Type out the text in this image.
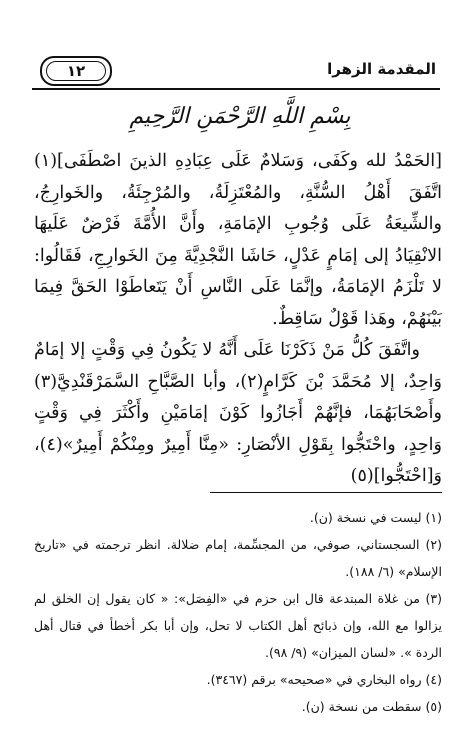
المقدمة الزهرا
١٢
بِسْمِ اللَّهِ الرَّحْمَنِ الرَّحِيمِ

[الحَمْدُ لله وكَفَى، وَسَلامٌ عَلَى عِبَادِهِ الذينَ اصْطَفَى](١) اتَّفَقَ أَهْلُ السُّنَّةِ، والمُعْتَزِلَةُ، والمُرْجِئَةُ، والخَوارِجُ، والشِّيعَةُ عَلَى وُجُوبِ الإمَامَةِ، وأَنَّ الأُمَّةَ فَرْضٌ عَلَيهَا الانْقِيَادُ إلى إمَامٍ عَدْلٍ، حَاشَا النَّجْدِيَّةَ مِنَ الخَوارِجِ، فَقَالُوا: لا تَلْزَمُ الإمَامَةُ، وإنَّمَا عَلَى النَّاسِ أَنْ يَتَعاطَوْا الحَقَّ فِيمَا بَيْنَهُمْ، وهَذا قَوْلٌ سَاقِطٌ.

واتَّفَقَ كُلُّ مَنْ ذَكَرْنَا عَلَى أَنَّهُ لا يَكُونُ فِي وَقْتٍ إلا إمَامٌ وَاحِدٌ، إلا مُحَمَّدَ بْنَ كَرَّامٍ(٢)، وأبا الصَّبَّاحِ السَّمَرْقَنْدِيَّ(٣) وأَصْحَابَهُمَا، فإنَّهُمْ أَجَازُوا كَوْنَ إمَامَيْنِ وأَكْثَرَ فِي وَقْتٍ وَاحِدٍ، واحْتَجُّوا بِقَوْلِ الأنْصَارِ: «مِنَّا أَمِيرٌ ومِنْكُمْ أَمِيرٌ»(٤)، وَ[احْتَجُّوا](٥)

(١) ليست في نسخة (ن).

(٢) السجستاني، صوفي، من المجسِّمة، إمام ضلالة. انظر ترجمته في «تاريخ الإسلام» (٦/ ١٨٨).

(٣) من غلاة المبتدعة قال ابن حزم في «الفِصَل»: « كان يقول إن الخلق لم يزالوا مع الله، وإن ذبائح أهل الكتاب لا تحل، وإن أبا بكر أخطأ في قتال أهل الردة ». «لسان الميزان» (٩/ ٩٨).

(٤) رواه البخاري في «صحيحه» برقم (٣٤٦٧).

(٥) سقطت من نسخة (ن).
